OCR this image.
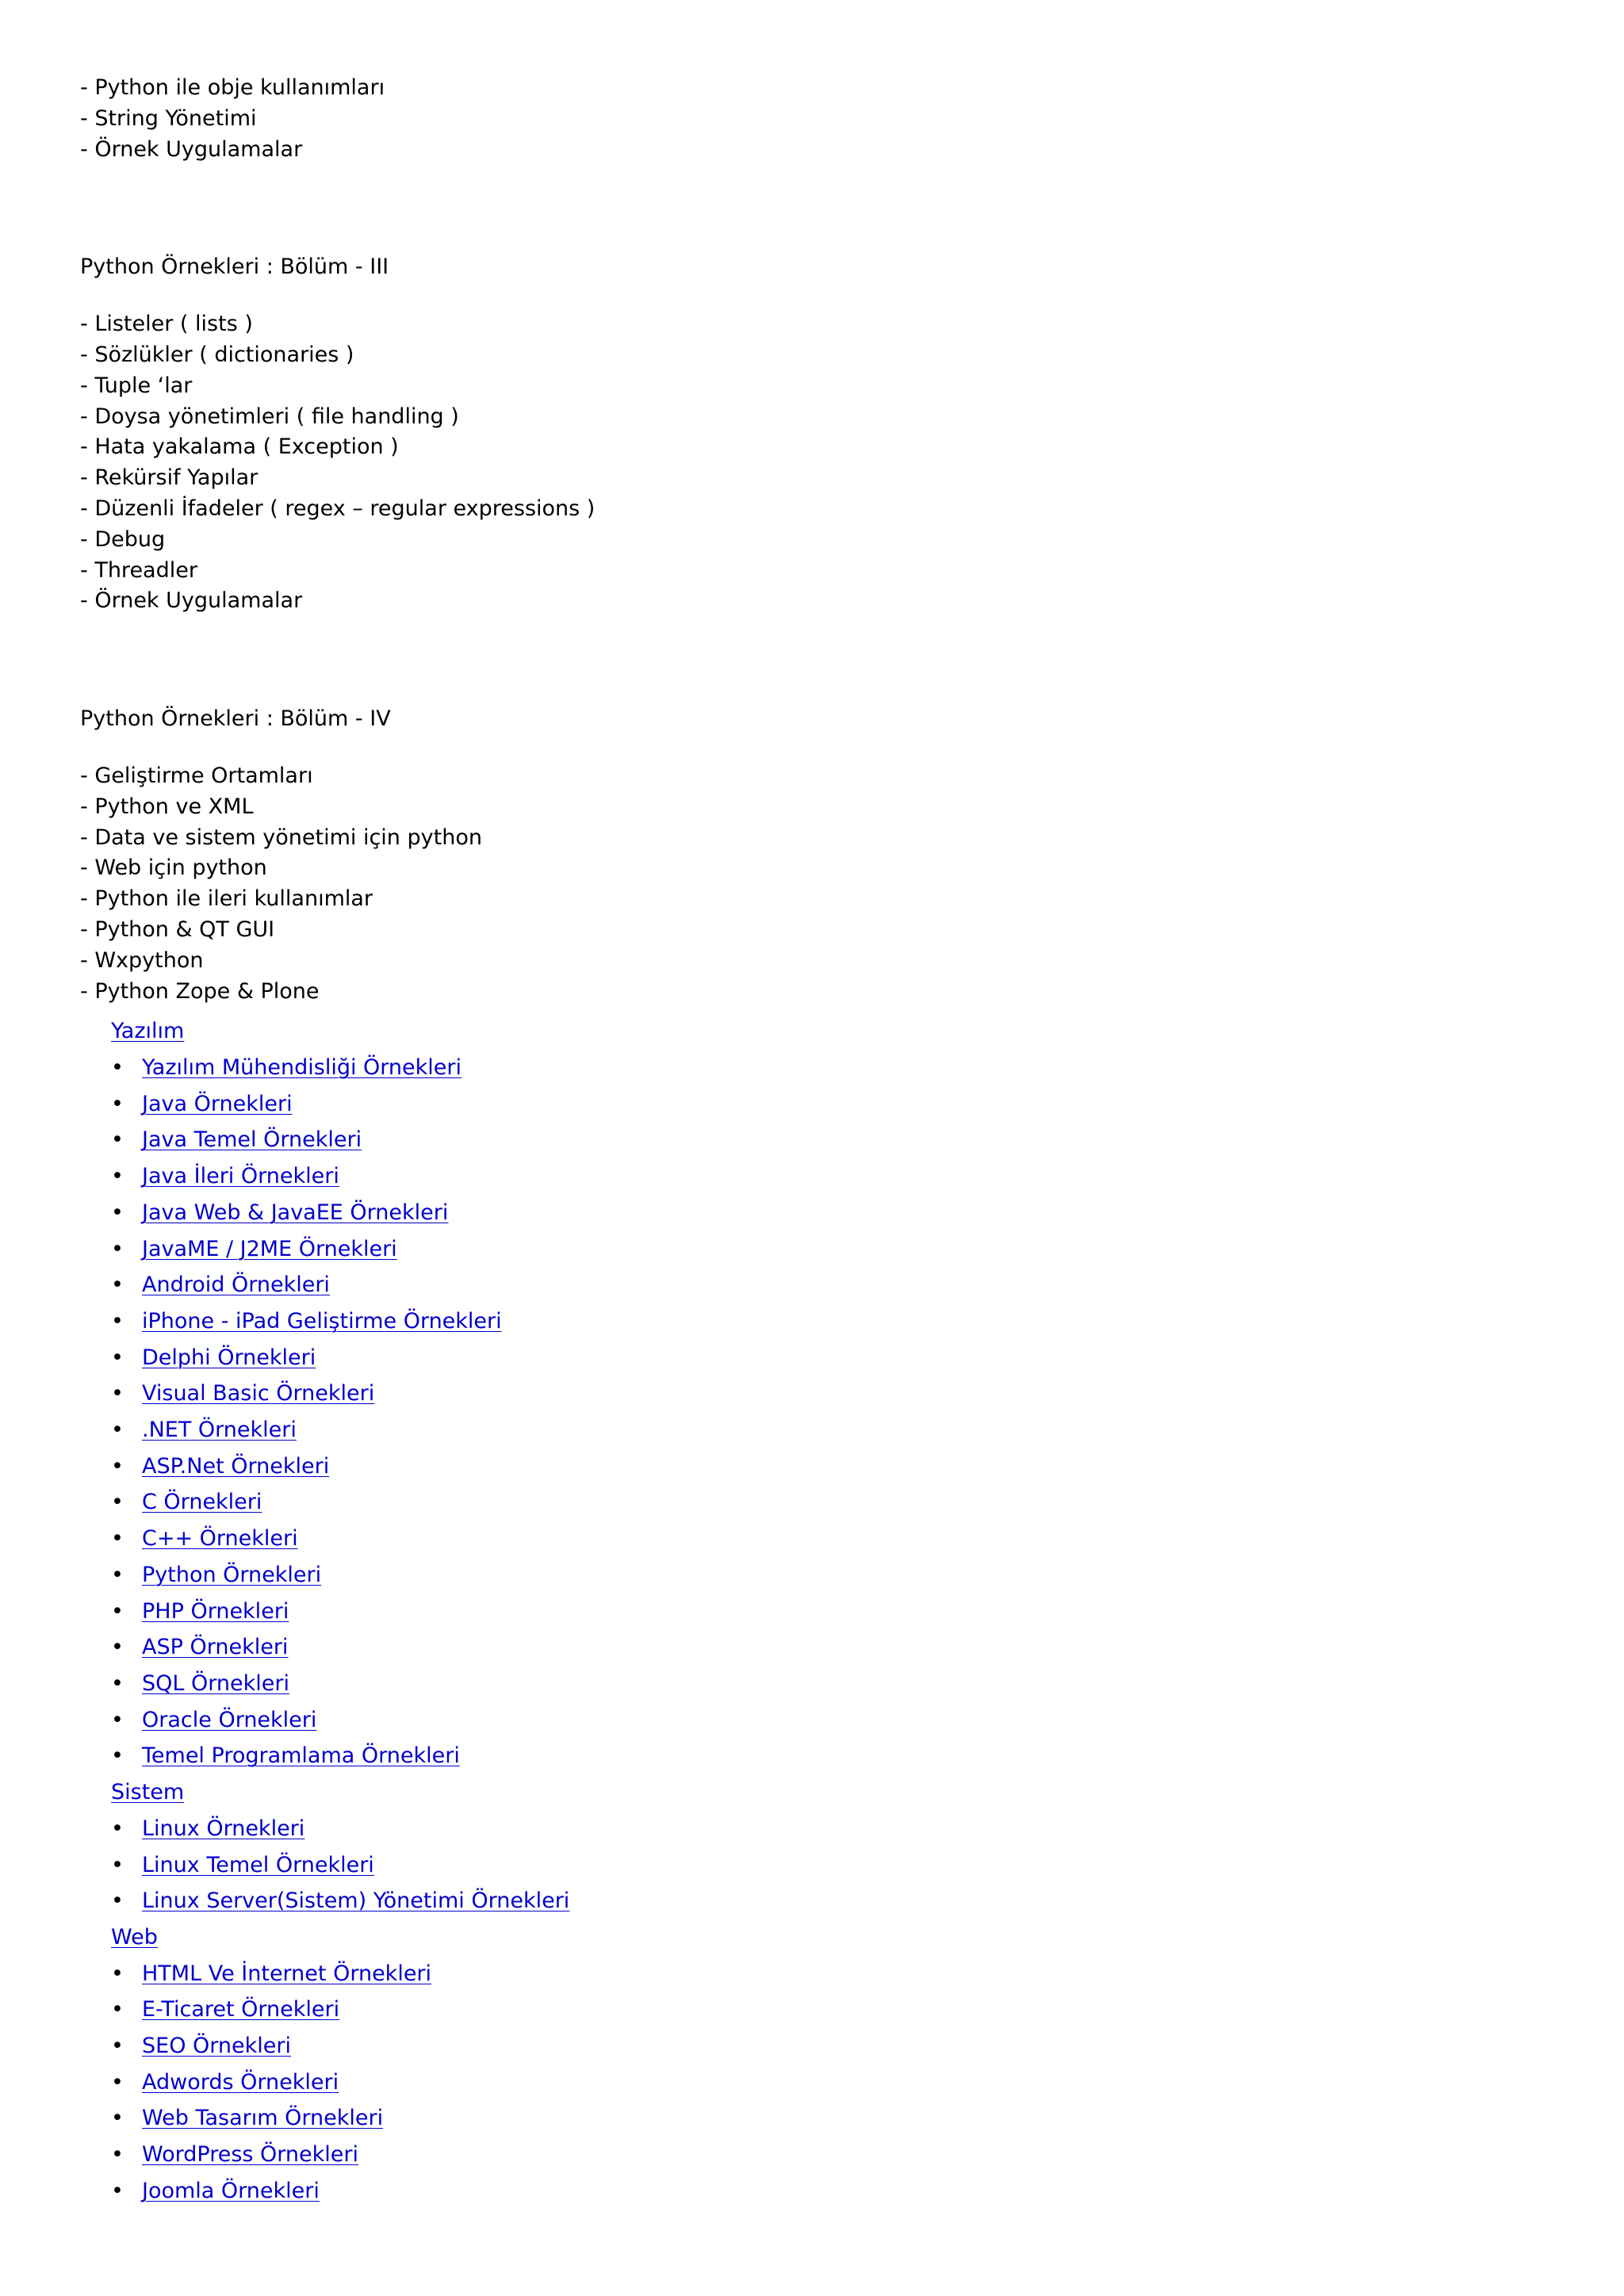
- Python ile obje kullanımları

- String Yönetimi

- Örnek Uygulamalar

Python Örnekleri : Bölüm - III

- Listeler ( lists )

- Sözlükler ( dictionaries )

- Tuple ‘lar

- Doysa yönetimleri ( file handling )

- Hata yakalama ( Exception )

- Rekürsif Yapılar

- Düzenli İfadeler ( regex – regular expressions )

- Debug

- Threadler

- Örnek Uygulamalar

Python Örnekleri : Bölüm - IV

- Geliştirme Ortamları

- Python ve XML

- Data ve sistem yönetimi için python

- Web için python

- Python ile ileri kullanımlar

- Python & QT GUI

- Wxpython

- Python Zope & Plone

Yazılım
• Yazılım Mühendisliği Örnekleri
• Java Örnekleri
• Java Temel Örnekleri
• Java İleri Örnekleri
• Java Web & JavaEE Örnekleri
• JavaME / J2ME Örnekleri
• Android Örnekleri
• iPhone - iPad Geliştirme Örnekleri
• Delphi Örnekleri
• Visual Basic Örnekleri
• .NET Örnekleri
• ASP.Net Örnekleri
• C Örnekleri
• C++ Örnekleri
• Python Örnekleri
• PHP Örnekleri
• ASP Örnekleri
• SQL Örnekleri
• Oracle Örnekleri
• Temel Programlama Örnekleri
Sistem
• Linux Örnekleri
• Linux Temel Örnekleri
• Linux Server(Sistem) Yönetimi Örnekleri
Web
• HTML Ve İnternet Örnekleri
• E-Ticaret Örnekleri
• SEO Örnekleri
• Adwords Örnekleri
• Web Tasarım Örnekleri
• WordPress Örnekleri
• Joomla Örnekleri
